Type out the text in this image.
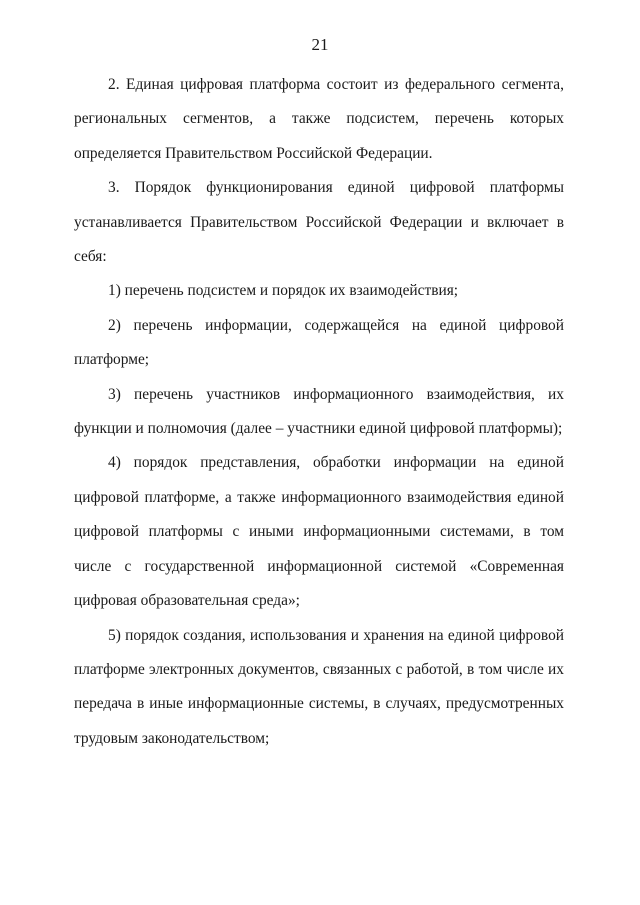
21

2. Единая цифровая платформа состоит из федерального сегмента, региональных сегментов, а также подсистем, перечень которых определяется Правительством Российской Федерации.

3. Порядок функционирования единой цифровой платформы устанавливается Правительством Российской Федерации и включает в себя:

1) перечень подсистем и порядок их взаимодействия;

2) перечень информации, содержащейся на единой цифровой платформе;

3) перечень участников информационного взаимодействия, их функции и полномочия (далее – участники единой цифровой платформы);

4) порядок представления, обработки информации на единой цифровой платформе, а также информационного взаимодействия единой цифровой платформы с иными информационными системами, в том числе с государственной информационной системой «Современная цифровая образовательная среда»;

5) порядок создания, использования и хранения на единой цифровой платформе электронных документов, связанных с работой, в том числе их передача в иные информационные системы, в случаях, предусмотренных трудовым законодательством;
